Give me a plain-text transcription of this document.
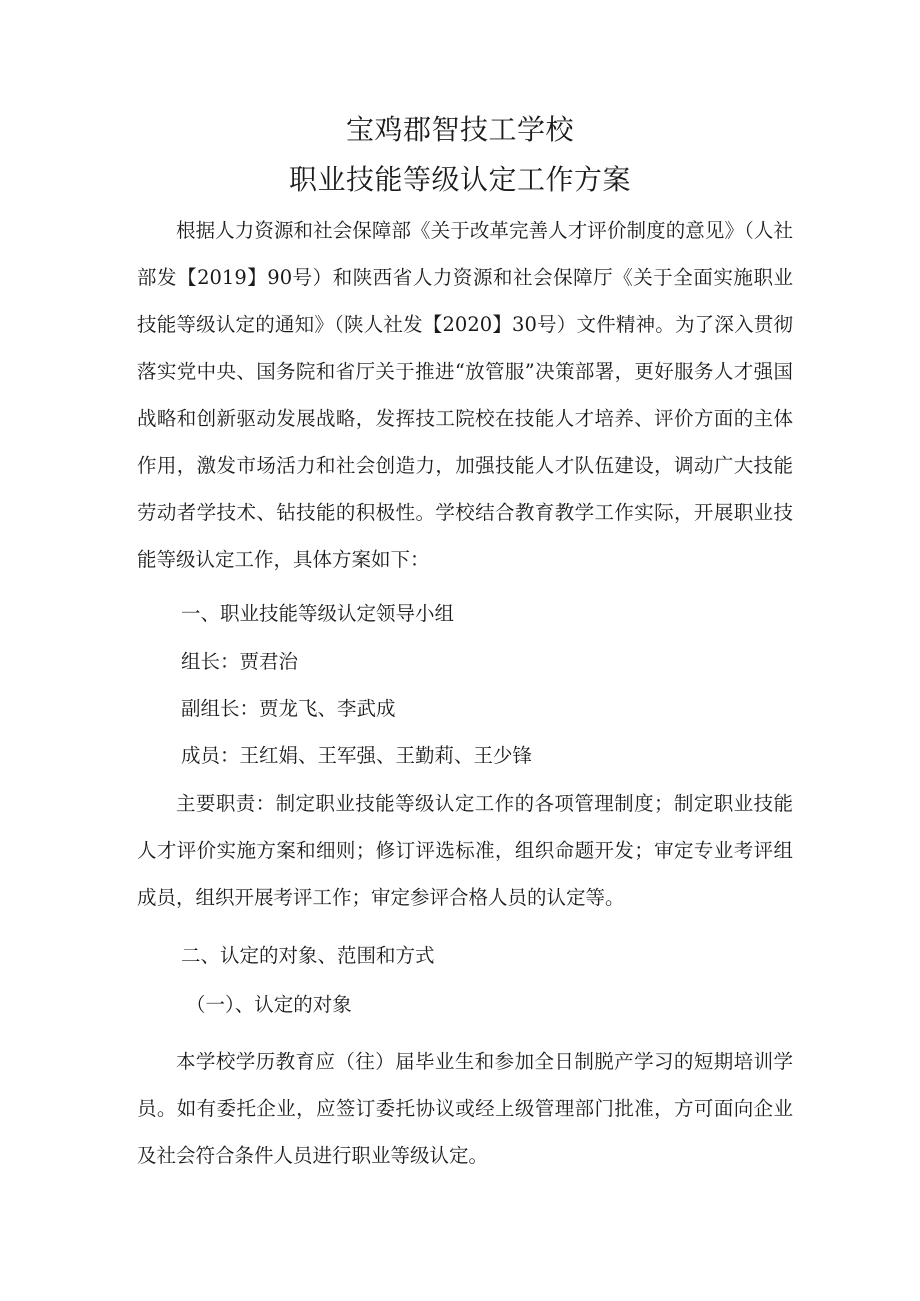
宝鸡郡智技工学校
职业技能等级认定工作方案

根据人力资源和社会保障部《关于改革完善人才评价制度的意见》（人社部发【2019】90号）和陕西省人力资源和社会保障厅《关于全面实施职业技能等级认定的通知》（陕人社发【2020】30号）文件精神。为了深入贯彻落实党中央、国务院和省厅关于推进“放管服”决策部署，更好服务人才强国战略和创新驱动发展战略，发挥技工院校在技能人才培养、评价方面的主体作用，激发市场活力和社会创造力，加强技能人才队伍建设，调动广大技能劳动者学技术、钻技能的积极性。学校结合教育教学工作实际，开展职业技能等级认定工作，具体方案如下：

一、职业技能等级认定领导小组

组长：贾君治

副组长：贾龙飞、李武成

成员：王红娟、王军强、王勤莉、王少锋

主要职责：制定职业技能等级认定工作的各项管理制度；制定职业技能人才评价实施方案和细则；修订评选标准，组织命题开发；审定专业考评组成员，组织开展考评工作；审定参评合格人员的认定等。

二、认定的对象、范围和方式

（一）、认定的对象

本学校学历教育应（往）届毕业生和参加全日制脱产学习的短期培训学员。如有委托企业，应签订委托协议或经上级管理部门批准，方可面向企业及社会符合条件人员进行职业等级认定。
